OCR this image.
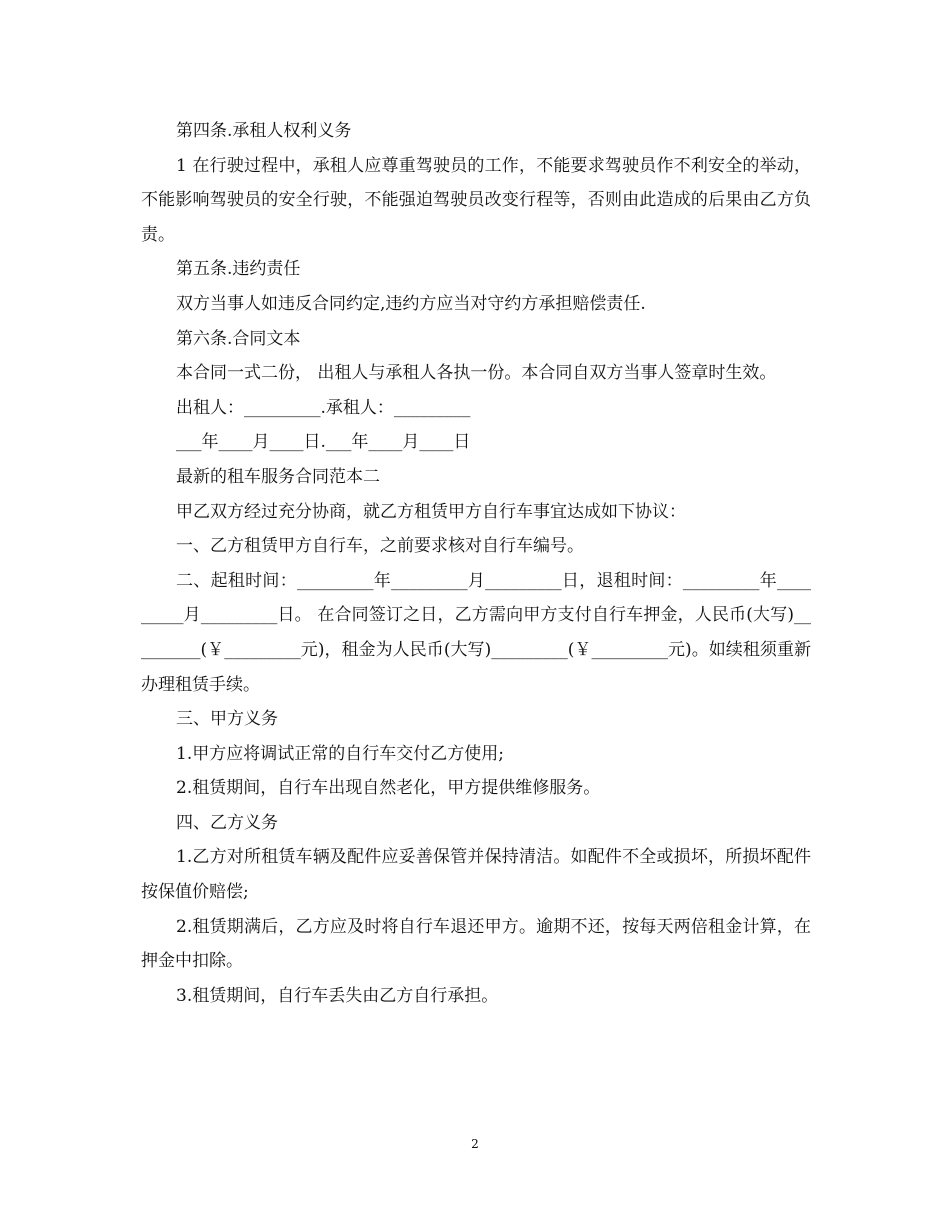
第四条.承租人权利义务

1 在行驶过程中，承租人应尊重驾驶员的工作，不能要求驾驶员作不利安全的举动，不能影响驾驶员的安全行驶，不能强迫驾驶员改变行程等，否则由此造成的后果由乙方负责。

第五条.违约责任

双方当事人如违反合同约定,违约方应当对守约方承担赔偿责任.

第六条.合同文本

本合同一式二份， 出租人与承租人各执一份。本合同自双方当事人签章时生效。

出租人：_________.承租人：_________

___年____月____日.___年____月____日

最新的租车服务合同范本二

甲乙双方经过充分协商，就乙方租赁甲方自行车事宜达成如下协议：

一、乙方租赁甲方自行车，之前要求核对自行车编号。

二、起租时间：_________年_________月_________日，退租时间：_________年_________月_________日。 在合同签订之日，乙方需向甲方支付自行车押金，人民币(大写)_________(￥_________元)，租金为人民币(大写)_________(￥_________元)。如续租须重新办理租赁手续。

三、甲方义务

1.甲方应将调试正常的自行车交付乙方使用;

2.租赁期间，自行车出现自然老化，甲方提供维修服务。

四、乙方义务

1.乙方对所租赁车辆及配件应妥善保管并保持清洁。如配件不全或损坏，所损坏配件按保值价赔偿;

2.租赁期满后，乙方应及时将自行车退还甲方。逾期不还，按每天两倍租金计算，在押金中扣除。

3.租赁期间，自行车丢失由乙方自行承担。

2
